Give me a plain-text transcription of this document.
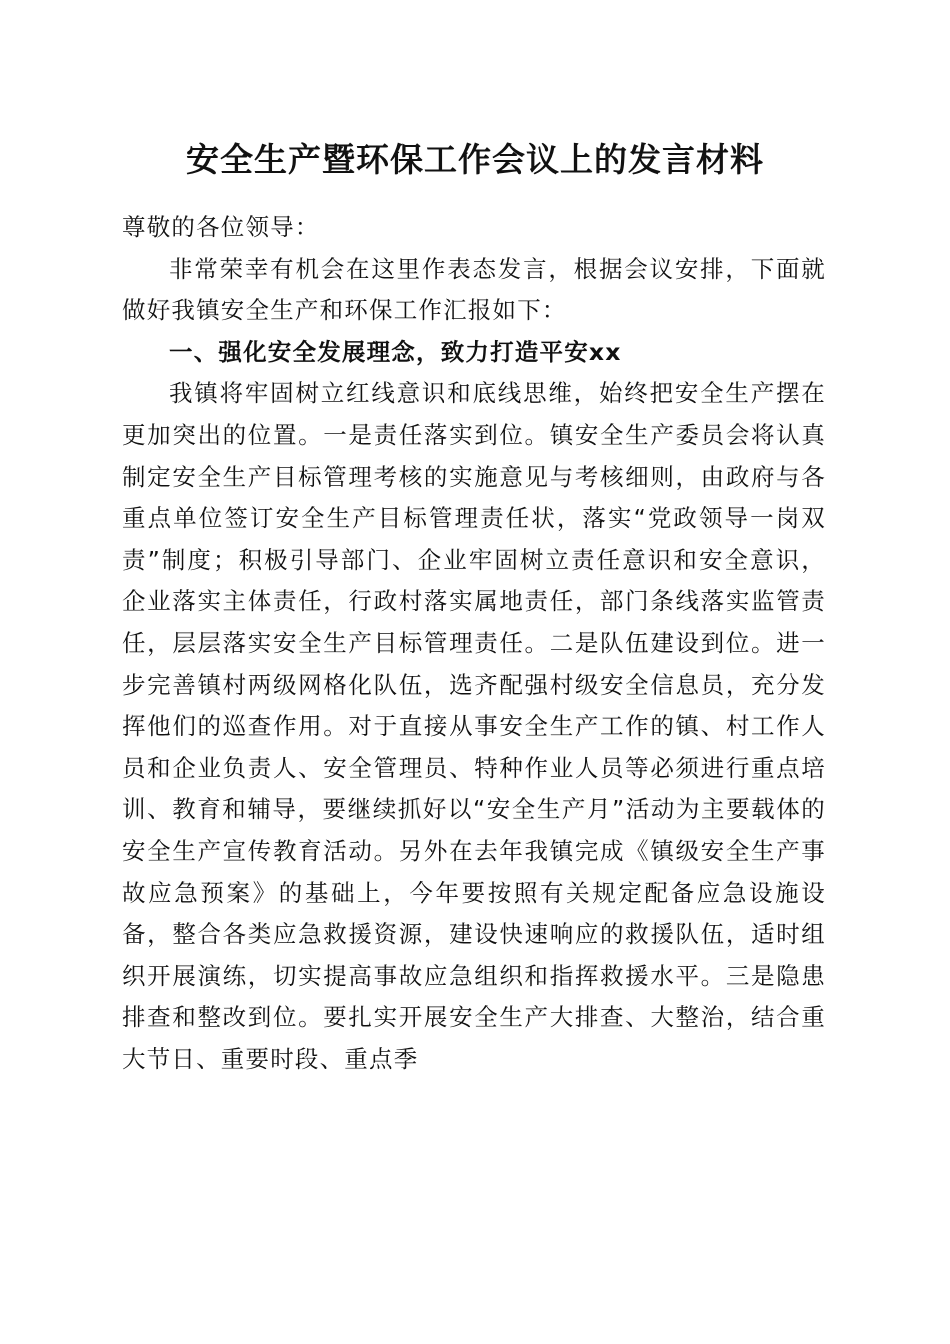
安全生产暨环保工作会议上的发言材料

尊敬的各位领导：

非常荣幸有机会在这里作表态发言，根据会议安排，下面就做好我镇安全生产和环保工作汇报如下：

一、强化安全发展理念，致力打造平安xx

我镇将牢固树立红线意识和底线思维，始终把安全生产摆在更加突出的位置。一是责任落实到位。镇安全生产委员会将认真制定安全生产目标管理考核的实施意见与考核细则，由政府与各重点单位签订安全生产目标管理责任状，落实“党政领导一岗双责”制度；积极引导部门、企业牢固树立责任意识和安全意识，企业落实主体责任，行政村落实属地责任，部门条线落实监管责任，层层落实安全生产目标管理责任。二是队伍建设到位。进一步完善镇村两级网格化队伍，选齐配强村级安全信息员，充分发挥他们的巡查作用。对于直接从事安全生产工作的镇、村工作人员和企业负责人、安全管理员、特种作业人员等必须进行重点培训、教育和辅导，要继续抓好以“安全生产月”活动为主要载体的安全生产宣传教育活动。另外在去年我镇完成《镇级安全生产事故应急预案》的基础上，今年要按照有关规定配备应急设施设备，整合各类应急救援资源，建设快速响应的救援队伍，适时组织开展演练，切实提高事故应急组织和指挥救援水平。三是隐患排查和整改到位。要扎实开展安全生产大排查、大整治，结合重大节日、重要时段、重点季
